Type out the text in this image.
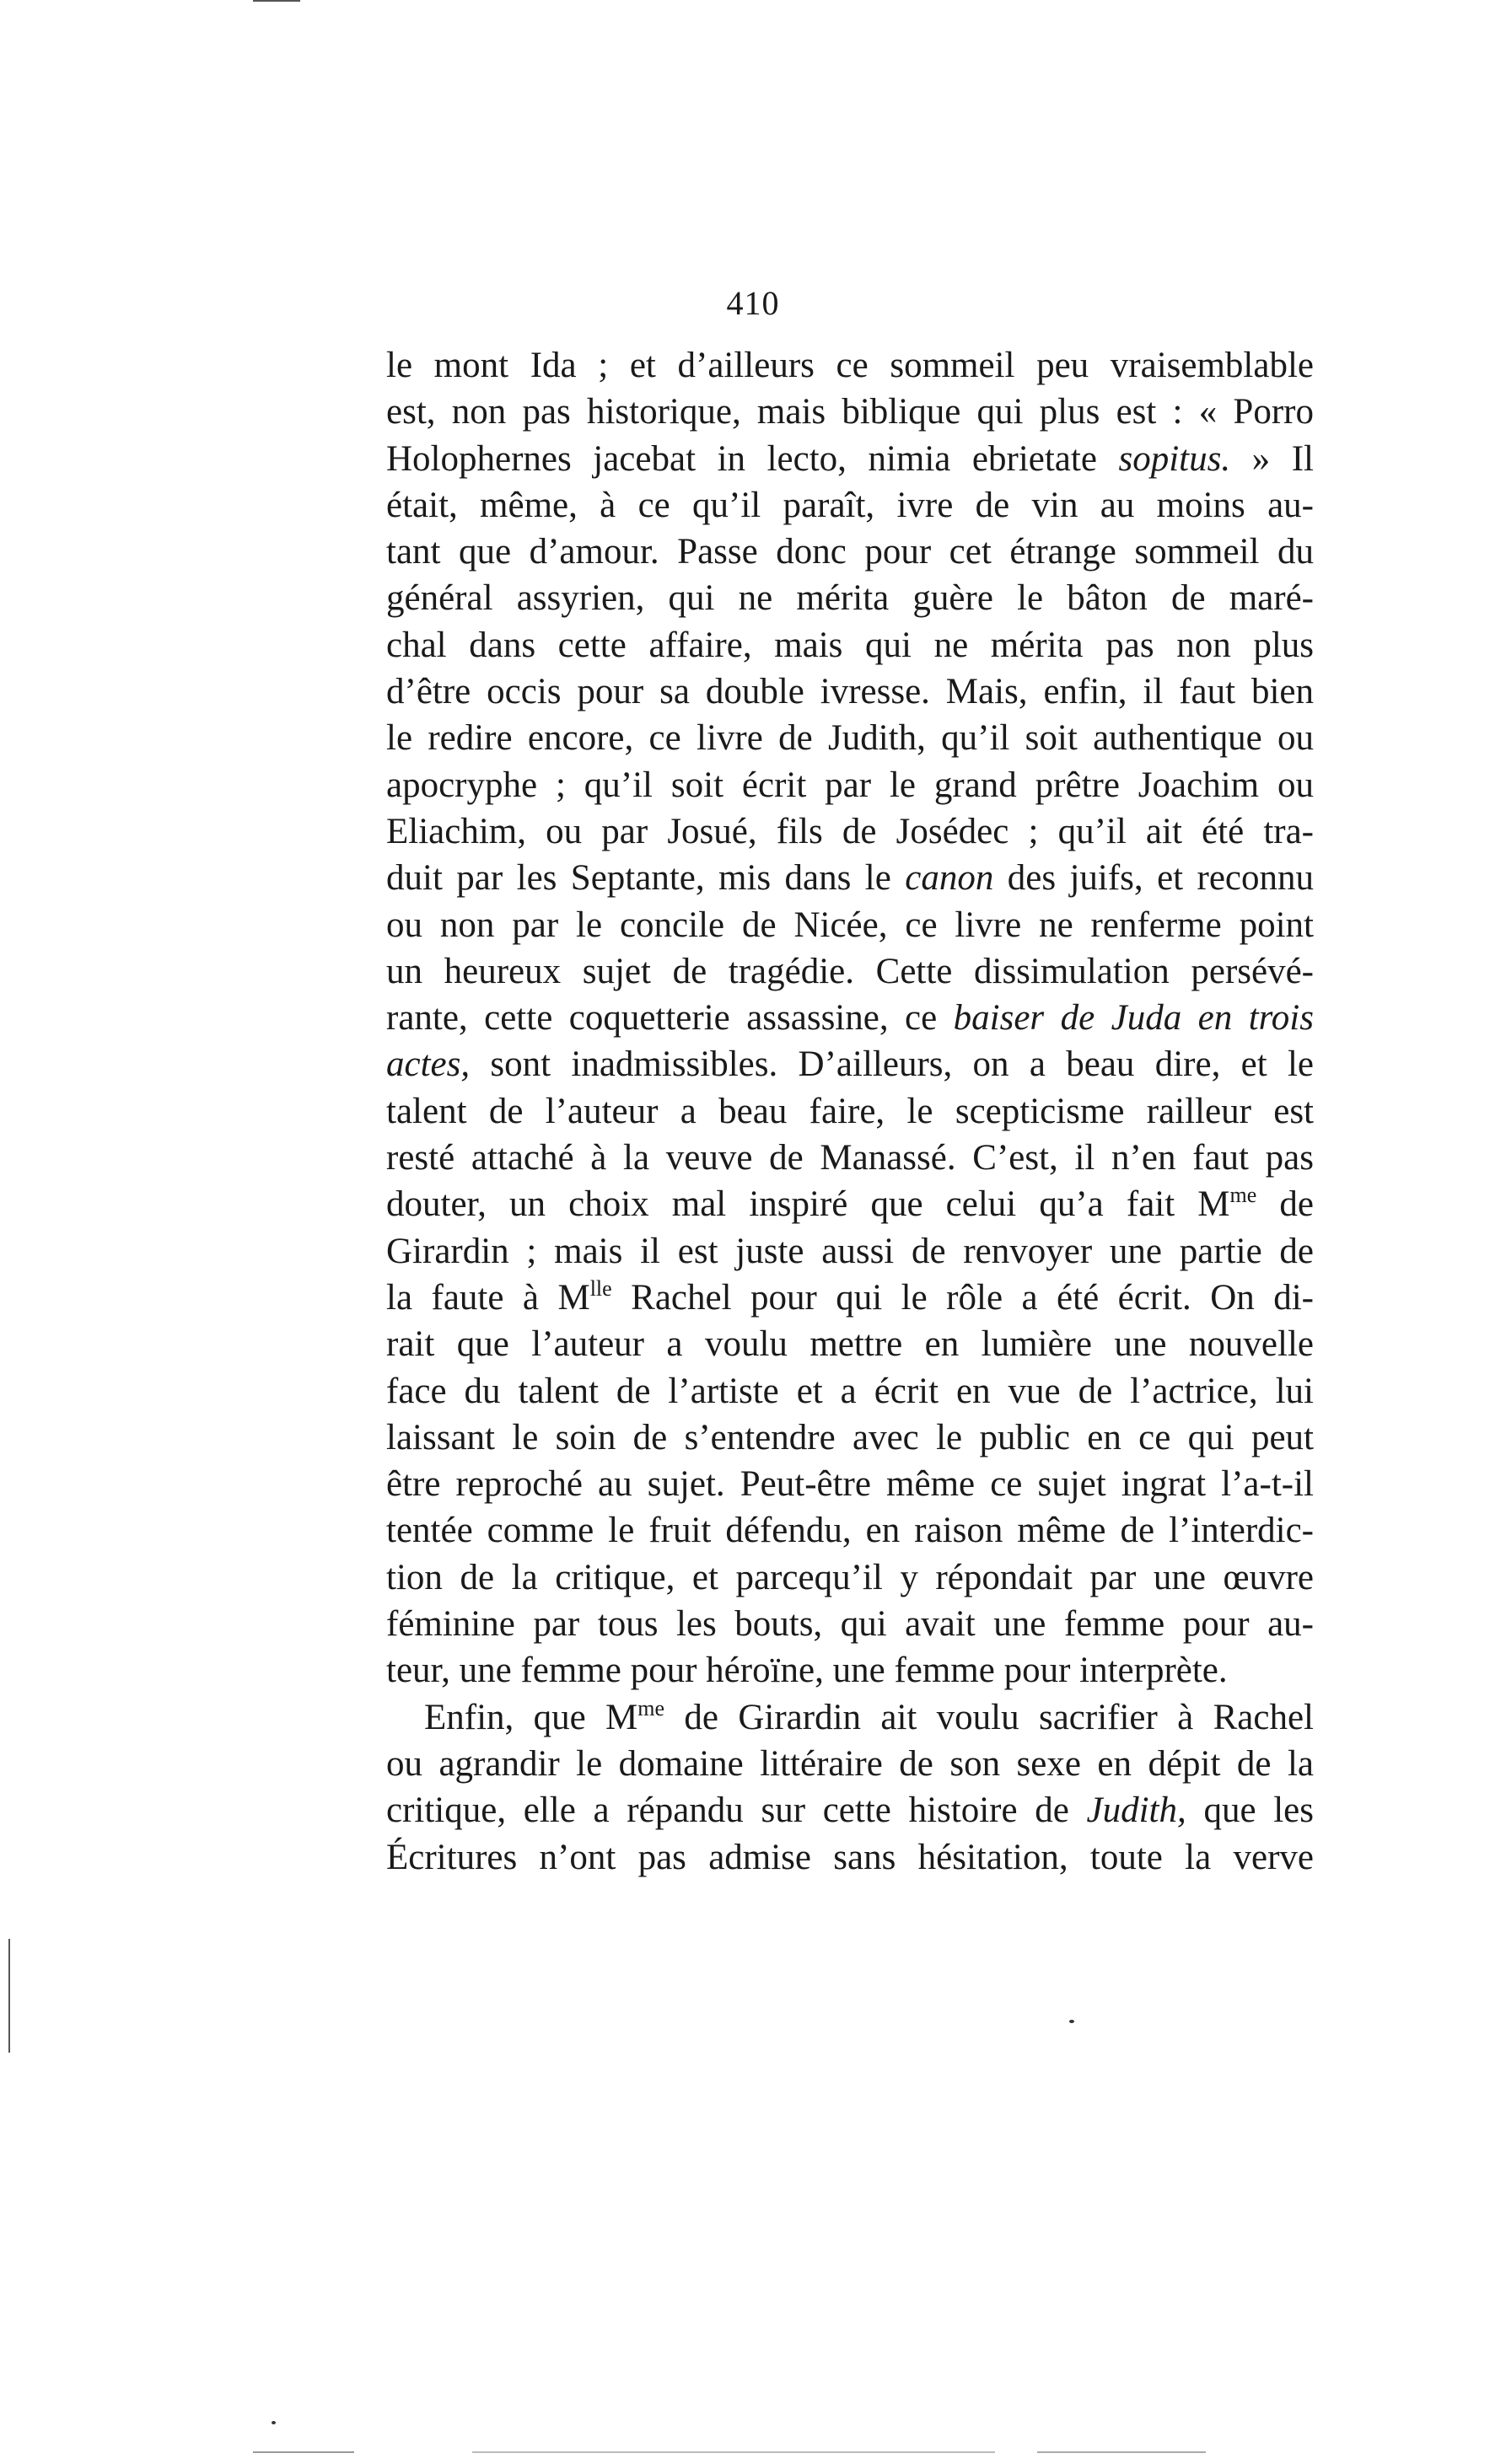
410
le mont Ida ; et d’ailleurs ce sommeil peu vraisemblable
est, non pas historique, mais biblique qui plus est : « Porro
Holophernes jacebat in lecto, nimia ebrietate sopitus. » Il
était, même, à ce qu’il paraît, ivre de vin au moins au-
tant que d’amour. Passe donc pour cet étrange sommeil du
général assyrien, qui ne mérita guère le bâton de maré-
chal dans cette affaire, mais qui ne mérita pas non plus
d’être occis pour sa double ivresse. Mais, enfin, il faut bien
le redire encore, ce livre de Judith, qu’il soit authentique ou
apocryphe ; qu’il soit écrit par le grand prêtre Joachim ou
Eliachim, ou par Josué, fils de Josédec ; qu’il ait été tra-
duit par les Septante, mis dans le canon des juifs, et reconnu
ou non par le concile de Nicée, ce livre ne renferme point
un heureux sujet de tragédie. Cette dissimulation persévé-
rante, cette coquetterie assassine, ce baiser de Juda en trois
actes, sont inadmissibles. D’ailleurs, on a beau dire, et le
talent de l’auteur a beau faire, le scepticisme railleur est
resté attaché à la veuve de Manassé. C’est, il n’en faut pas
douter, un choix mal inspiré que celui qu’a fait $M^{me}$ de
Girardin ; mais il est juste aussi de renvoyer une partie de
la faute à $M^{lle}$ Rachel pour qui le rôle a été écrit. On di-
rait que l’auteur a voulu mettre en lumière une nouvelle
face du talent de l’artiste et a écrit en vue de l’actrice, lui
laissant le soin de s’entendre avec le public en ce qui peut
être reproché au sujet. Peut-être même ce sujet ingrat l’a-t-il
tentée comme le fruit défendu, en raison même de l’interdic-
tion de la critique, et parcequ’il y répondait par une œuvre
féminine par tous les bouts, qui avait une femme pour au-
teur, une femme pour héroïne, une femme pour interprète.
Enfin, que $M^{me}$ de Girardin ait voulu sacrifier à Rachel
ou agrandir le domaine littéraire de son sexe en dépit de la
critique, elle a répandu sur cette histoire de Judith, que les
Écritures n’ont pas admise sans hésitation, toute la verve
